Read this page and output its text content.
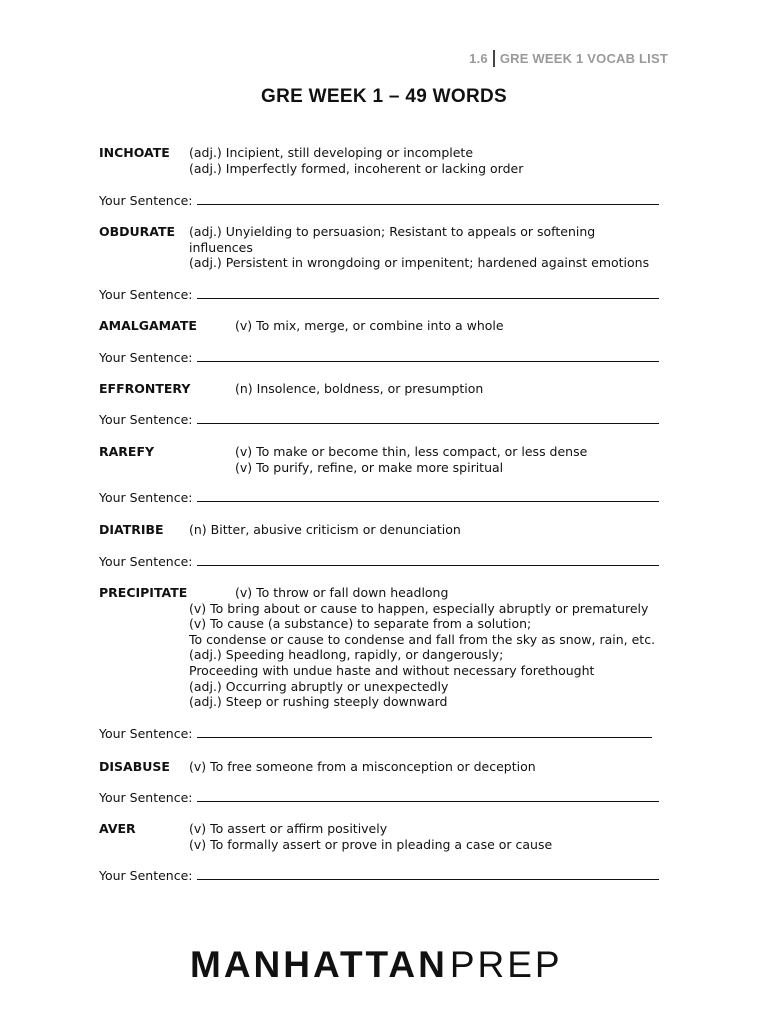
1.6 GRE WEEK 1 VOCAB LIST
GRE WEEK 1 – 49 WORDS
INCHOATE (adj.) Incipient, still developing or incomplete
(adj.) Imperfectly formed, incoherent or lacking order
Your Sentence:
OBDURATE (adj.) Unyielding to persuasion; Resistant to appeals or softening
influences
(adj.) Persistent in wrongdoing or impenitent; hardened against emotions
Your Sentence:
AMALGAMATE	(v) To mix, merge, or combine into a whole
Your Sentence:
EFFRONTERY	(n) Insolence, boldness, or presumption
Your Sentence:
RAREFY	(v) To make or become thin, less compact, or less dense
(v) To purify, refine, or make more spiritual
Your Sentence:
DIATRIBE (n) Bitter, abusive criticism or denunciation
Your Sentence:
PRECIPITATE	(v) To throw or fall down headlong
(v) To bring about or cause to happen, especially abruptly or prematurely
(v) To cause (a substance) to separate from a solution;
To condense or cause to condense and fall from the sky as snow, rain, etc.
(adj.) Speeding headlong, rapidly, or dangerously;
Proceeding with undue haste and without necessary forethought
(adj.) Occurring abruptly or unexpectedly
(adj.) Steep or rushing steeply downward
Your Sentence:
DISABUSE (v) To free someone from a misconception or deception
Your Sentence:
AVER	(v) To assert or affirm positively
(v) To formally assert or prove in pleading a case or cause
Your Sentence:
MANHATTANPREP
